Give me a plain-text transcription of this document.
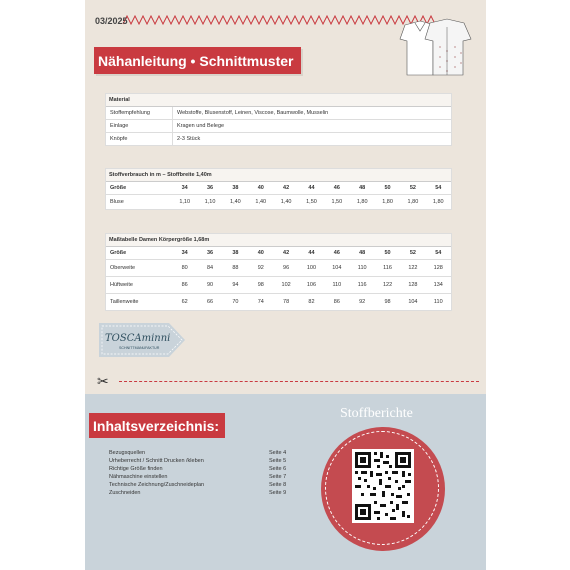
03/2025
Nähanleitung • Schnittmuster
Material
Stoffempfehlung	Webstoffe, Blusenstoff, Leinen, Viscose, Baumwolle, Musselin
Einlage	Kragen und Belege
Knöpfe	2-3 Stück
Stoffverbrauch in m – Stoffbreite 1,40m
Größe	34	36	38	40	42	44	46	48	50	52	54
Bluse	1,10	1,10	1,40	1,40	1,40	1,50	1,50	1,80	1,80	1,80	1,80
Maßtabelle Damen Körpergröße 1,68m
Größe	34	36	38	40	42	44	46	48	50	52	54
Oberweite	80	84	88	92	96	100	104	110	116	122	128
Hüftweite	86	90	94	98	102	106	110	116	122	128	134
Taillenweite	62	66	70	74	78	82	86	92	98	104	110
TOSCAminni
SCHNITTMANUFAKTUR
✂
Inhaltsverzeichnis:
Bezugsquellen	Seite 4
Urheberrecht / Schnitt Drucken /kleben	Seite 5
Richtige Größe finden	Seite 6
Nähmaschine einstellen	Seite 7
Technische Zeichnung/Zuschneideplan	Seite 8
Zuschneiden	Seite 9
Stoffberichte
